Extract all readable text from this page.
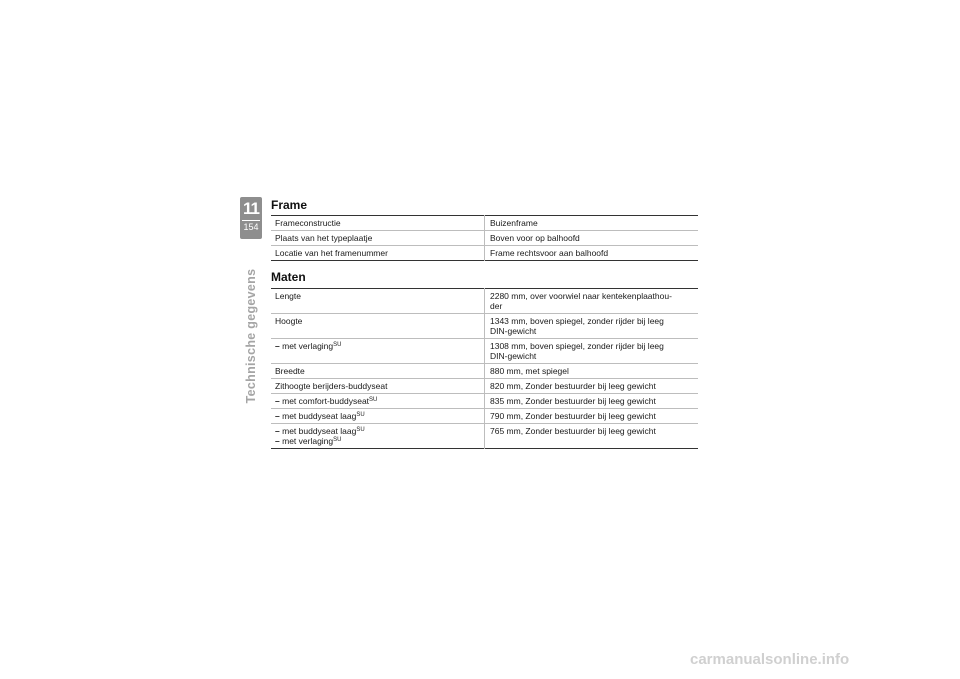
11
154
Technische gegevens
Frame
Frameconstructie	Buizenframe
Plaats van het typeplaatje	Boven voor op balhoofd
Locatie van het framenummer	Frame rechtsvoor aan balhoofd
Maten
Lengte	2280 mm, over voorwiel naar kentekenplaathou-
der

Hoogte	1343 mm, boven spiegel, zonder rijder bij leeg
DIN-gewicht

– met verlaging$^{SU}$	1308 mm, boven spiegel, zonder rijder bij leeg
DIN-gewicht

Breedte	880 mm, met spiegel
Zithoogte berijders-buddyseat	820 mm, Zonder bestuurder bij leeg gewicht
– met comfort-buddyseat$^{SU}$	835 mm, Zonder bestuurder bij leeg gewicht
– met buddyseat laag$^{SU}$	790 mm, Zonder bestuurder bij leeg gewicht

– met buddyseat laag$^{SU}$
– met verlaging$^{SU}$	765 mm, Zonder bestuurder bij leeg gewicht
carmanualsonline.info
